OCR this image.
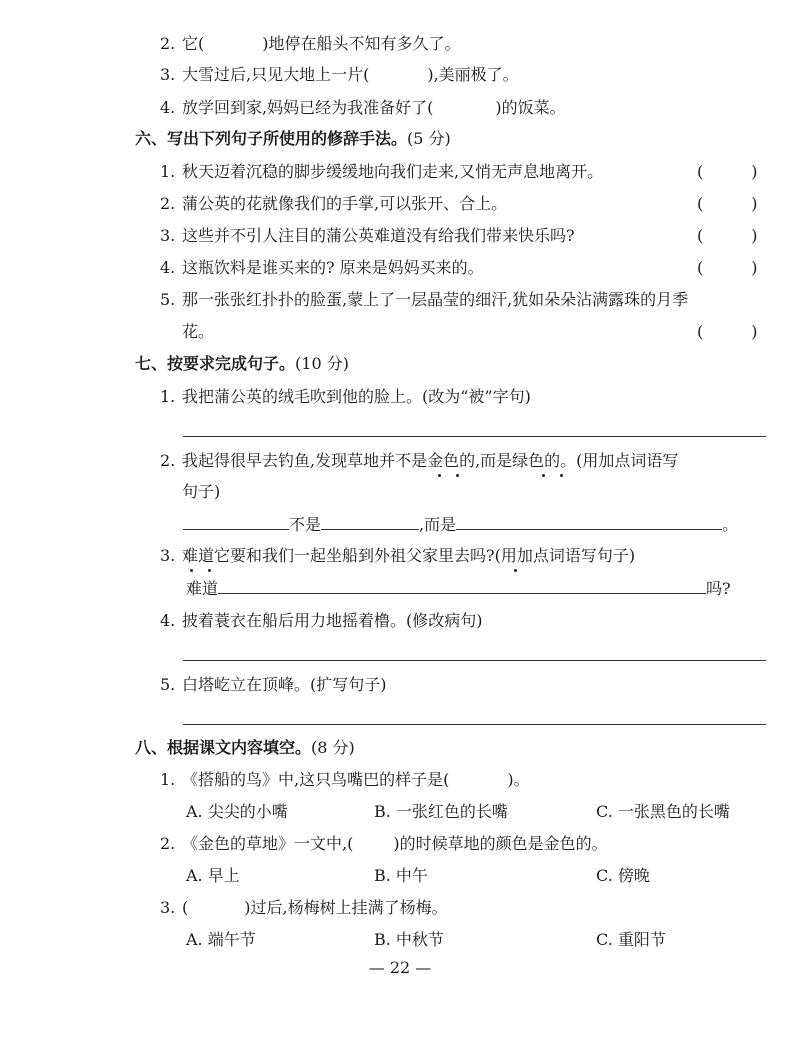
2. 它(	)地停在船头不知有多久了。
3. 大雪过后,只见大地上一片(	),美丽极了。
4. 放学回到家,妈妈已经为我准备好了(	)的饭菜。
六、写出下列句子所使用的修辞手法。(5 分)
1. 秋天迈着沉稳的脚步缓缓地向我们走来,又悄无声息地离开。	(	)
2. 蒲公英的花就像我们的手掌,可以张开、合上。	(	)
3. 这些并不引人注目的蒲公英难道没有给我们带来快乐吗?	(	)
4. 这瓶饮料是谁买来的? 原来是妈妈买来的。	(	)
5. 那一张张红扑扑的脸蛋,蒙上了一层晶莹的细汗,犹如朵朵沾满露珠的月季
花。	(	)
七、按要求完成句子。(10 分)
1. 我把蒲公英的绒毛吹到他的脸上。(改为“被”字句)
2. 我起得很早去钓鱼,发现草地并不是金色的,而是绿色的。(用加点词语写
句子)
不是	,而是	。
3. 难道它要和我们一起坐船到外祖父家里去吗?(用加点词语写句子)
难道	吗?
4. 披着蓑衣在船后用力地摇着橹。(修改病句)
5. 白塔屹立在顶峰。(扩写句子)
八、根据课文内容填空。(8 分)
1. 《搭船的鸟》中,这只鸟嘴巴的样子是(	)。
A. 尖尖的小嘴	B. 一张红色的长嘴	C. 一张黑色的长嘴
2. 《金色的草地》一文中,(	)的时候草地的颜色是金色的。
A. 早上	B. 中午	C. 傍晚
3. (	)过后,杨梅树上挂满了杨梅。
A. 端午节	B. 中秋节	C. 重阳节
— 22 —
